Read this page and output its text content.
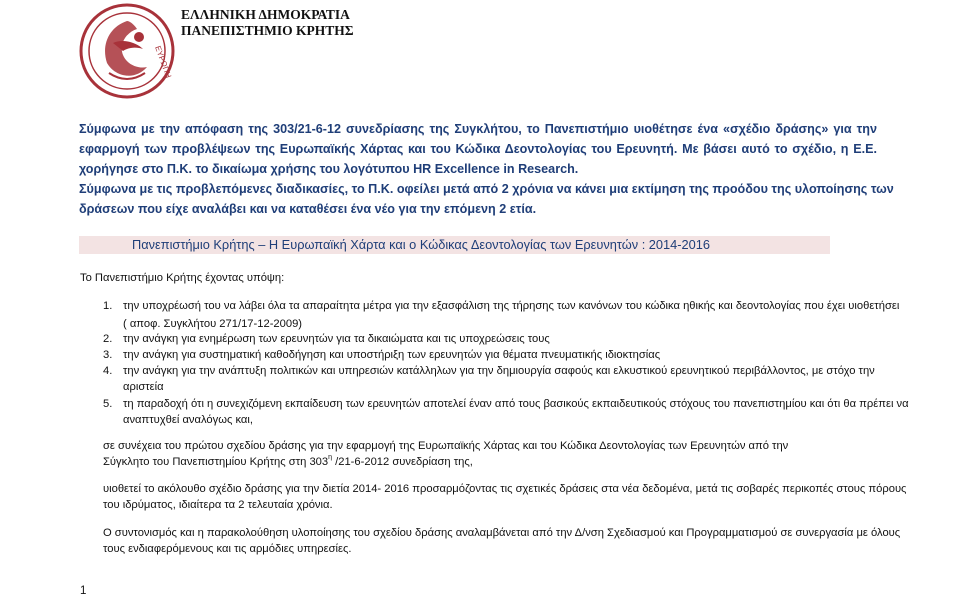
ΕΥΡΩΠΗ
ΕΛΛΗΝΙΚΗ ΔΗΜΟΚΡΑΤΙΑ
ΠΑΝΕΠΙΣΤΗΜΙΟ ΚΡΗΤΗΣ
Σύμφωνα με την απόφαση της 303/21-6-12 συνεδρίασης της Συγκλήτου, το Πανεπιστήμιο υιοθέτησε ένα «σχέδιο δράσης» για την
εφαρμογή των προβλέψεων της Ευρωπαϊκής Χάρτας και του Κώδικα Δεοντολογίας του Ερευνητή. Με βάσει αυτό το σχέδιο, η Ε.Ε.
χορήγησε στο Π.Κ. το δικαίωμα χρήσης του λογότυπου HR Excellence in Research.
Σύμφωνα με τις προβλεπόμενες διαδικασίες, το Π.Κ. οφείλει μετά από 2 χρόνια να κάνει μια εκτίμηση της προόδου της υλοποίησης των
δράσεων που είχε αναλάβει και να καταθέσει ένα νέο για την επόμενη 2 ετία.
Πανεπιστήμιο Κρήτης – Η Ευρωπαϊκή Χάρτα και ο Κώδικας Δεοντολογίας των Ερευνητών : 2014-2016
Το Πανεπιστήμιο Κρήτης έχοντας υπόψη:
1. την υποχρέωσή του να λάβει όλα τα απαραίτητα μέτρα για την εξασφάλιση της τήρησης των κανόνων του κώδικα ηθικής και δεοντολογίας που έχει υιοθετήσει
( αποφ. Συγκλήτου 271/17-12-2009)
2. την ανάγκη για ενημέρωση των ερευνητών για τα δικαιώματα και τις υποχρεώσεις τους
3. την ανάγκη για συστηματική καθοδήγηση και υποστήριξη των ερευνητών για θέματα πνευματικής ιδιοκτησίας
4. την ανάγκη για την ανάπτυξη πολιτικών και υπηρεσιών κατάλληλων για την δημιουργία σαφούς και ελκυστικού ερευνητικού περιβάλλοντος, με στόχο την
αριστεία
5. τη παραδοχή ότι η συνεχιζόμενη εκπαίδευση των ερευνητών αποτελεί έναν από τους βασικούς εκπαιδευτικούς στόχους του πανεπιστημίου και ότι θα πρέπει να
αναπτυχθεί αναλόγως και,
σε συνέχεια του πρώτου σχεδίου δράσης για την εφαρμογή της Ευρωπαϊκής Χάρτας και του Κώδικα Δεοντολογίας των Ερευνητών από την
Σύγκλητο του Πανεπιστημίου Κρήτης στη $303^\eta$ /21-6-2012 συνεδρίαση της,
υιοθετεί το ακόλουθο σχέδιο δράσης για την διετία 2014- 2016 προσαρμόζοντας τις σχετικές δράσεις στα νέα δεδομένα, μετά τις σοβαρές περικοπές στους πόρους
του ιδρύματος, ιδιαίτερα τα 2 τελευταία χρόνια.
Ο συντονισμός και η παρακολούθηση υλοποίησης του σχεδίου δράσης αναλαμβάνεται από την Δ/νση Σχεδιασμού και Προγραμματισμού σε συνεργασία με όλους
τους ενδιαφερόμενους και τις αρμόδιες υπηρεσίες.
1
